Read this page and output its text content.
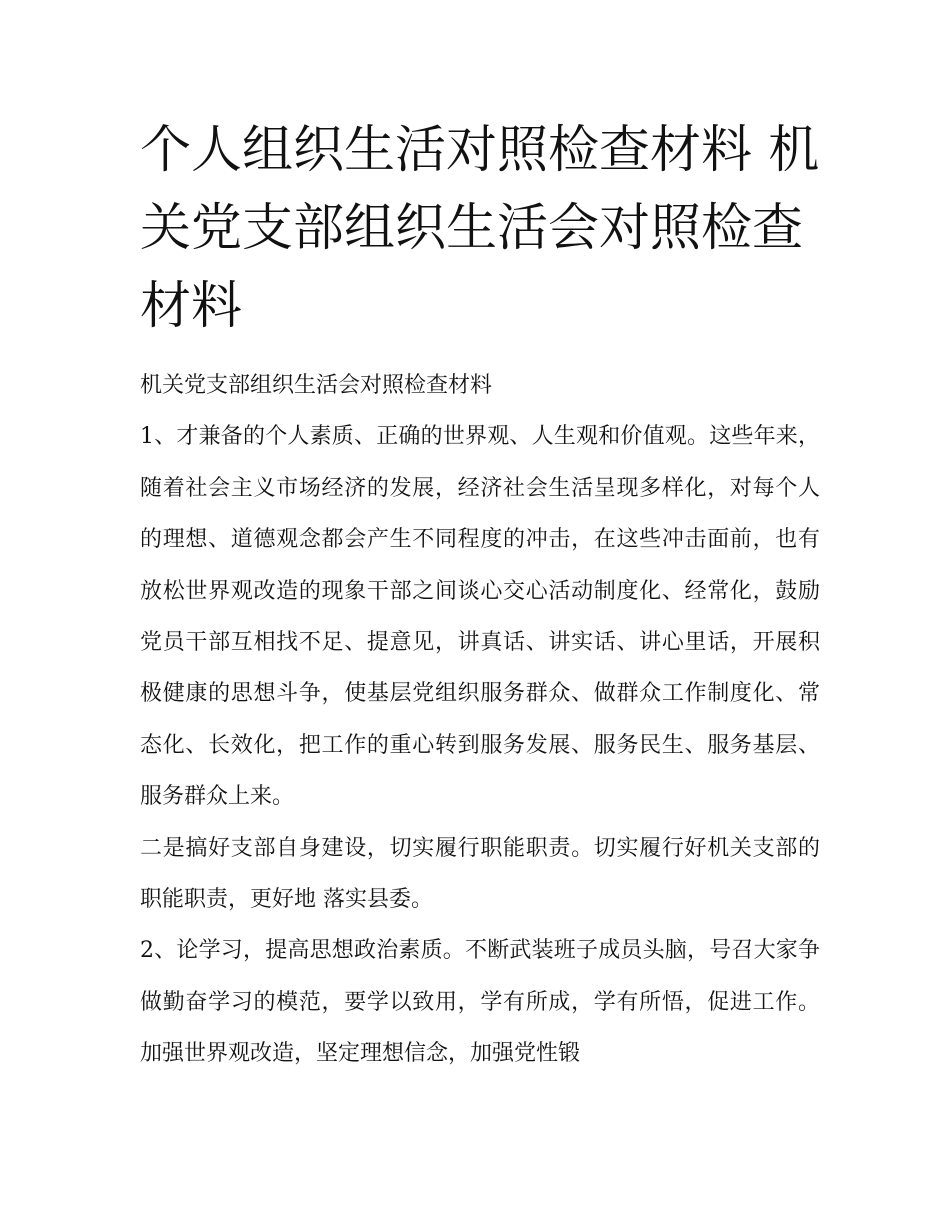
个人组织生活对照检查材料 机关党支部组织生活会对照检查材料

机关党支部组织生活会对照检查材料

1、才兼备的个人素质、正确的世界观、人生观和价值观。这些年来，随着社会主义市场经济的发展，经济社会生活呈现多样化，对每个人的理想、道德观念都会产生不同程度的冲击，在这些冲击面前，也有放松世界观改造的现象干部之间谈心交心活动制度化、经常化，鼓励党员干部互相找不足、提意见，讲真话、讲实话、讲心里话，开展积极健康的思想斗争，使基层党组织服务群众、做群众工作制度化、常态化、长效化，把工作的重心转到服务发展、服务民生、服务基层、服务群众上来。

二是搞好支部自身建设，切实履行职能职责。切实履行好机关支部的职能职责，更好地 落实县委。

2、论学习，提高思想政治素质。不断武装班子成员头脑，号召大家争做勤奋学习的模范，要学以致用，学有所成，学有所悟，促进工作。加强世界观改造，坚定理想信念，加强党性锻
